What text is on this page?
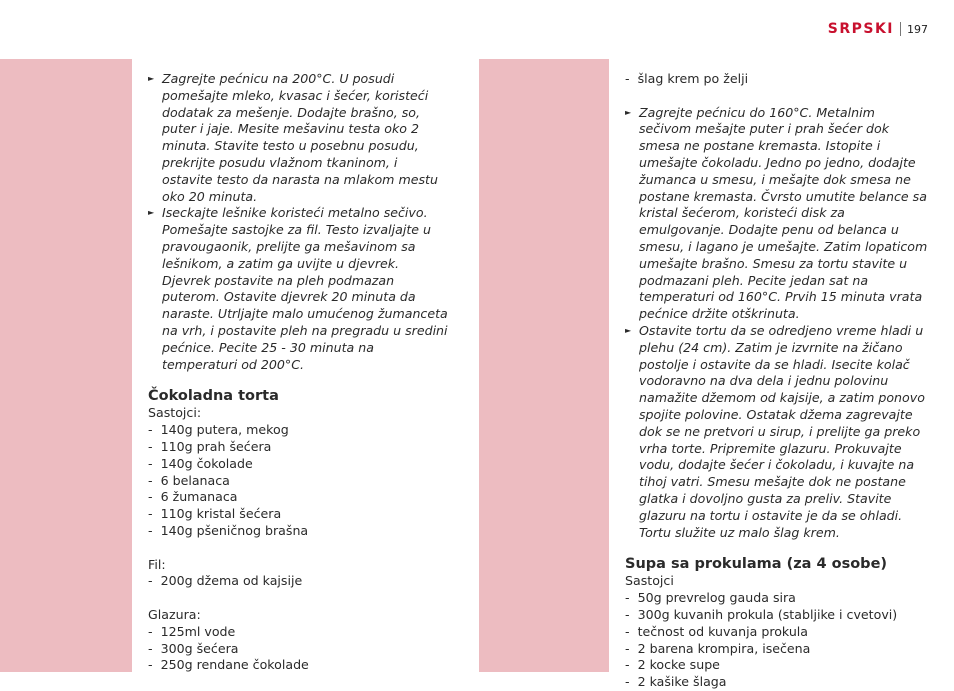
SRPSKI 197
► Zagrejte pećnicu na 200°C. U posudi pomešajte mleko, kvasac i šećer, koristeći dodatak za mešenje. Dodajte brašno, so, puter i jaje. Mesite mešavinu testa oko 2 minuta. Stavite testo u posebnu posudu, prekrijte posudu vlažnom tkaninom, i ostavite testo da narasta na mlakom mestu oko 20 minuta.
► Iseckajte lešnike koristeći metalno sečivo. Pomešajte sastojke za fil. Testo izvaljajte u pravougaonik, prelijte ga mešavinom sa lešnikom, a zatim ga uvijte u djevrek. Djevrek postavite na pleh podmazan puterom. Ostavite djevrek 20 minuta da naraste. Utrljajte malo umućenog žumanceta na vrh, i postavite pleh na pregradu u sredini pećnice. Pecite 25 - 30 minuta na temperaturi od 200°C.
Čokoladna torta
Sastojci:
-  140g putera, mekog
-  110g prah šećera
-  140g čokolade
-  6 belanaca
-  6 žumanaca
-  110g kristal šećera
-  140g pšeničnog brašna
Fil:
-  200g džema od kajsije
Glazura:
-  125ml vode
-  300g šećera
-  250g rendane čokolade
-  šlag krem po želji
► Zagrejte pećnicu do 160°C. Metalnim sečivom mešajte puter i prah šećer dok smesa ne postane kremasta. Istopite i umešajte čokoladu. Jedno po jedno, dodajte žumanca u smesu, i mešajte dok smesa ne postane kremasta. Čvrsto umutite belance sa kristal šećerom, koristeći disk za emulgovanje. Dodajte penu od belanca u smesu, i lagano je umešajte. Zatim lopaticom umešajte brašno. Smesu za tortu stavite u podmazani pleh. Pecite jedan sat na temperaturi od 160°C. Prvih 15 minuta vrata pećnice držite otškrinuta.
► Ostavite tortu da se odredjeno vreme hladi u plehu (24 cm). Zatim je izvrnite na žičano postolje i ostavite da se hladi. Isecite kolač vodoravno na dva dela i jednu polovinu namažite džemom od kajsije, a zatim ponovo spojite polovine. Ostatak džema zagrevajte dok se ne pretvori u sirup, i prelijte ga preko vrha torte. Pripremite glazuru. Prokuvajte vodu, dodajte šećer i čokoladu, i kuvajte na tihoj vatri. Smesu mešajte dok ne postane glatka i dovoljno gusta za preliv. Stavite glazuru na tortu i ostavite je da se ohladi. Tortu služite uz malo šlag krem.
Supa sa prokulama (za 4 osobe)
Sastojci
-  50g prevrelog gauda sira
-  300g kuvanih prokula (stabljike i cvetovi)
-  tečnost od kuvanja prokula
-  2 barena krompira, isečena
-  2 kocke supe
-  2 kašike šlaga
